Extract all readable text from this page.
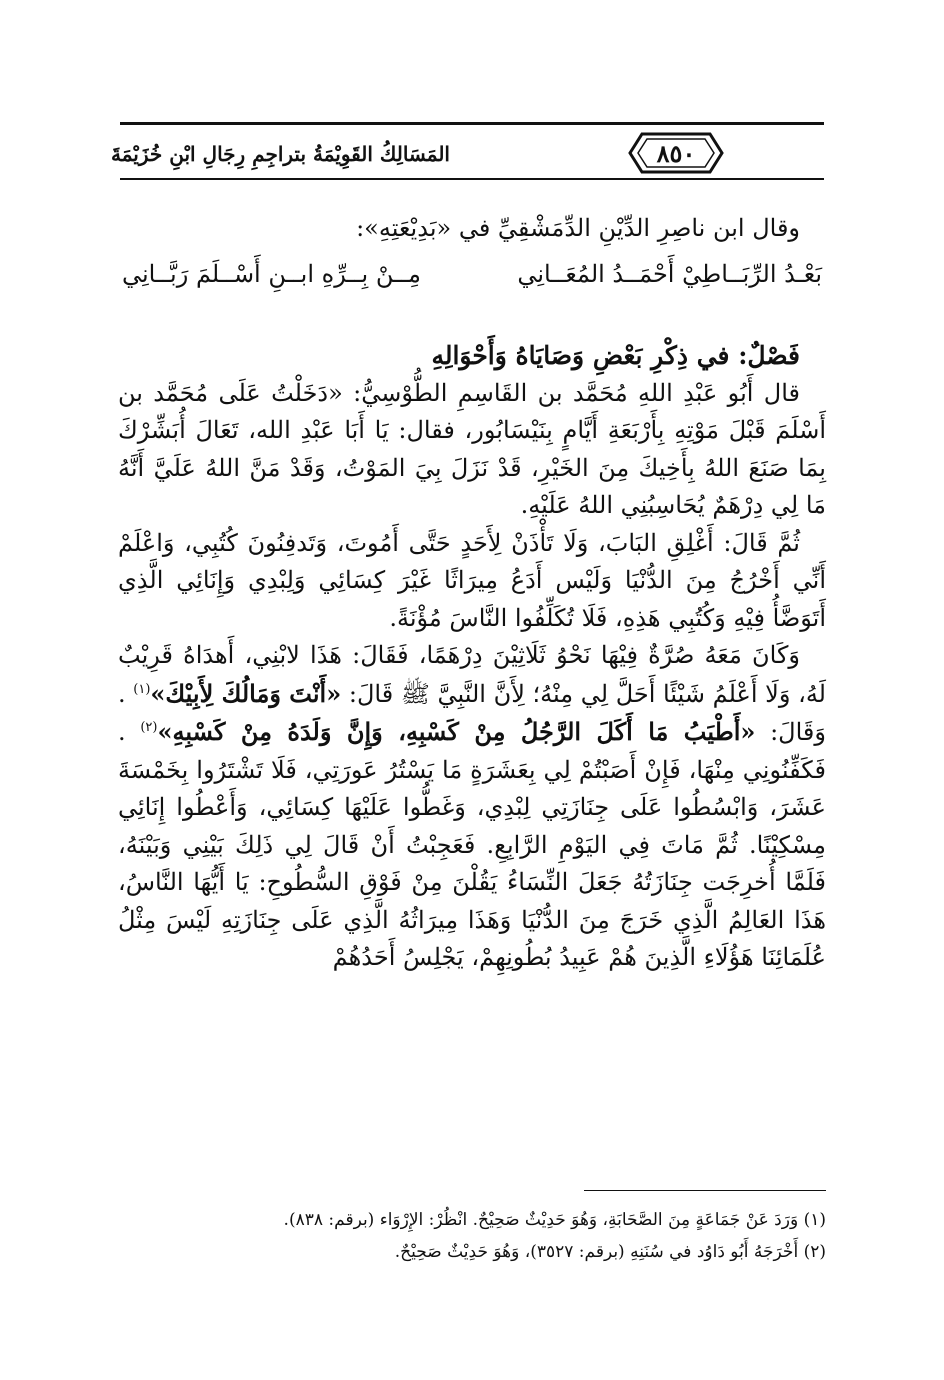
المَسَالِكُ القَوِيْمَةُ بتراجِمِ رِجَالِ ابْنِ خُزَيْمَةَ	٨٥٠

وقال ابن ناصِرِ الدِّيْنِ الدِّمَشْقِيِّ في «بَدِيْعَتِهِ»:

بَعْـدُ الرِّبَــاطِيْ أَحْمَــدُ المُعَــانِي
مِــنْ بِــرِّهِ ابــنِ أَسْــلَمَ رَبَّــانِي

فَصْلٌ: في ذِكْرِ بَعْضِ وَصَايَاهُ وَأَحْوَالِهِ

قال أَبُو عَبْدِ اللهِ مُحَمَّد بن القَاسِمِ الطُّوْسِيُّ: «دَخَلْتُ عَلَى مُحَمَّد بن أَسْلَمَ قَبْلَ مَوْتِهِ بِأَرْبَعَةِ أَيَّامٍ بِنَيْسَابُور، فقال: يَا أَبَا عَبْدِ الله، تَعَالَ أُبَشِّرْكَ بِمَا صَنَعَ اللهُ بِأَخِيكَ مِنَ الخَيْرِ، قَدْ نَزَلَ بِيَ المَوْتُ، وَقَدْ مَنَّ اللهُ عَلَيَّ أَنَّهُ مَا لِي دِرْهَمٌ يُحَاسِبُنِي اللهُ عَلَيْهِ.

ثُمَّ قَالَ: أَغْلِقِ البَابَ، وَلَا تَأْذَنْ لِأَحَدٍ حَتَّى أَمُوتَ، وَتَدفِنُونَ كُتُبِي، وَاعْلَمْ أَنِّي أَخْرُجُ مِنَ الدُّنْيَا وَلَيْس أَدَعُ مِيرَاثًا غَيْرَ كِسَائِي وَلِبْدِي وَإِنَائِي الَّذِي أَتَوَضَّأُ فِيْهِ وَكُتُبِي هَذِهِ، فَلَا تُكَلِّفُوا النَّاسَ مُؤْنَةً.

وَكَانَ مَعَهُ صُرَّةٌ فِيْهَا نَحْوُ ثَلَاثِيْنَ دِرْهَمًا، فَقَالَ: هَذَا لابْنِي، أَهدَاهُ قَرِيْبٌ لَهُ، وَلَا أَعْلَمُ شَيْئًا أَحَلَّ لِي مِنْهُ؛ لِأَنَّ النَّبِيَّ ﷺ قَالَ: «أَنْتَ وَمَالُكَ لِأَبِيْكَ»$^{(١)}$ . وَقَالَ: «أَطْيَبُ مَا أَكَلَ الرَّجُلُ مِنْ كَسْبِهِ، وَإِنَّ وَلَدَهُ مِنْ كَسْبِهِ»$^{(٢)}$ . فَكَفِّنُونِي مِنْهَا، فَإِنْ أَصَبْتُمْ لِي بِعَشَرَةٍ مَا يَسْتُرُ عَورَتِي، فَلَا تَشْتَرُوا بِخَمْسَةَ عَشَرَ، وَابْسُطُوا عَلَى جِنَازَتِي لِبْدِي، وَغَطُّوا عَلَيْهَا كِسَائِي، وَأَعْطُوا إِنَائِي مِسْكِيْنًا. ثُمَّ مَاتَ فِي اليَوْمِ الرَّابِعِ. فَعَجِبْتُ أَنْ قَالَ لِي ذَلِكَ بَيْنِي وَبَيْنَهُ، فَلَمَّا أُخرِجَت جِنَازَتُهُ جَعَلَ النِّسَاءُ يَقُلْنَ مِنْ فَوْقِ السُّطُوحِ: يَا أَيُّهَا النَّاسُ، هَذَا العَالِمُ الَّذِي خَرَجَ مِنَ الدُّنْيَا وَهَذَا مِيرَاثُهُ الَّذِي عَلَى جِنَازَتِهِ لَيْسَ مِثْلُ عُلَمَائِنَا هَؤُلَاءِ الَّذِينَ هُمْ عَبِيدُ بُطُونِهِمْ، يَجْلِسُ أَحَدُهُمْ

(١) وَرَدَ عَنْ جَمَاعَةٍ مِنَ الصَّحَابَةِ، وَهُوَ حَدِيْثٌ صَحِيْحٌ. انْظُرْ: الإِرْوَاء (برقم: ٨٣٨).

(٢) أَخْرَجَهُ أَبُو دَاوُد في سُنَنِهِ (برقم: ٣٥٢٧)، وَهُوَ حَدِيْثٌ صَحِيْحٌ.
